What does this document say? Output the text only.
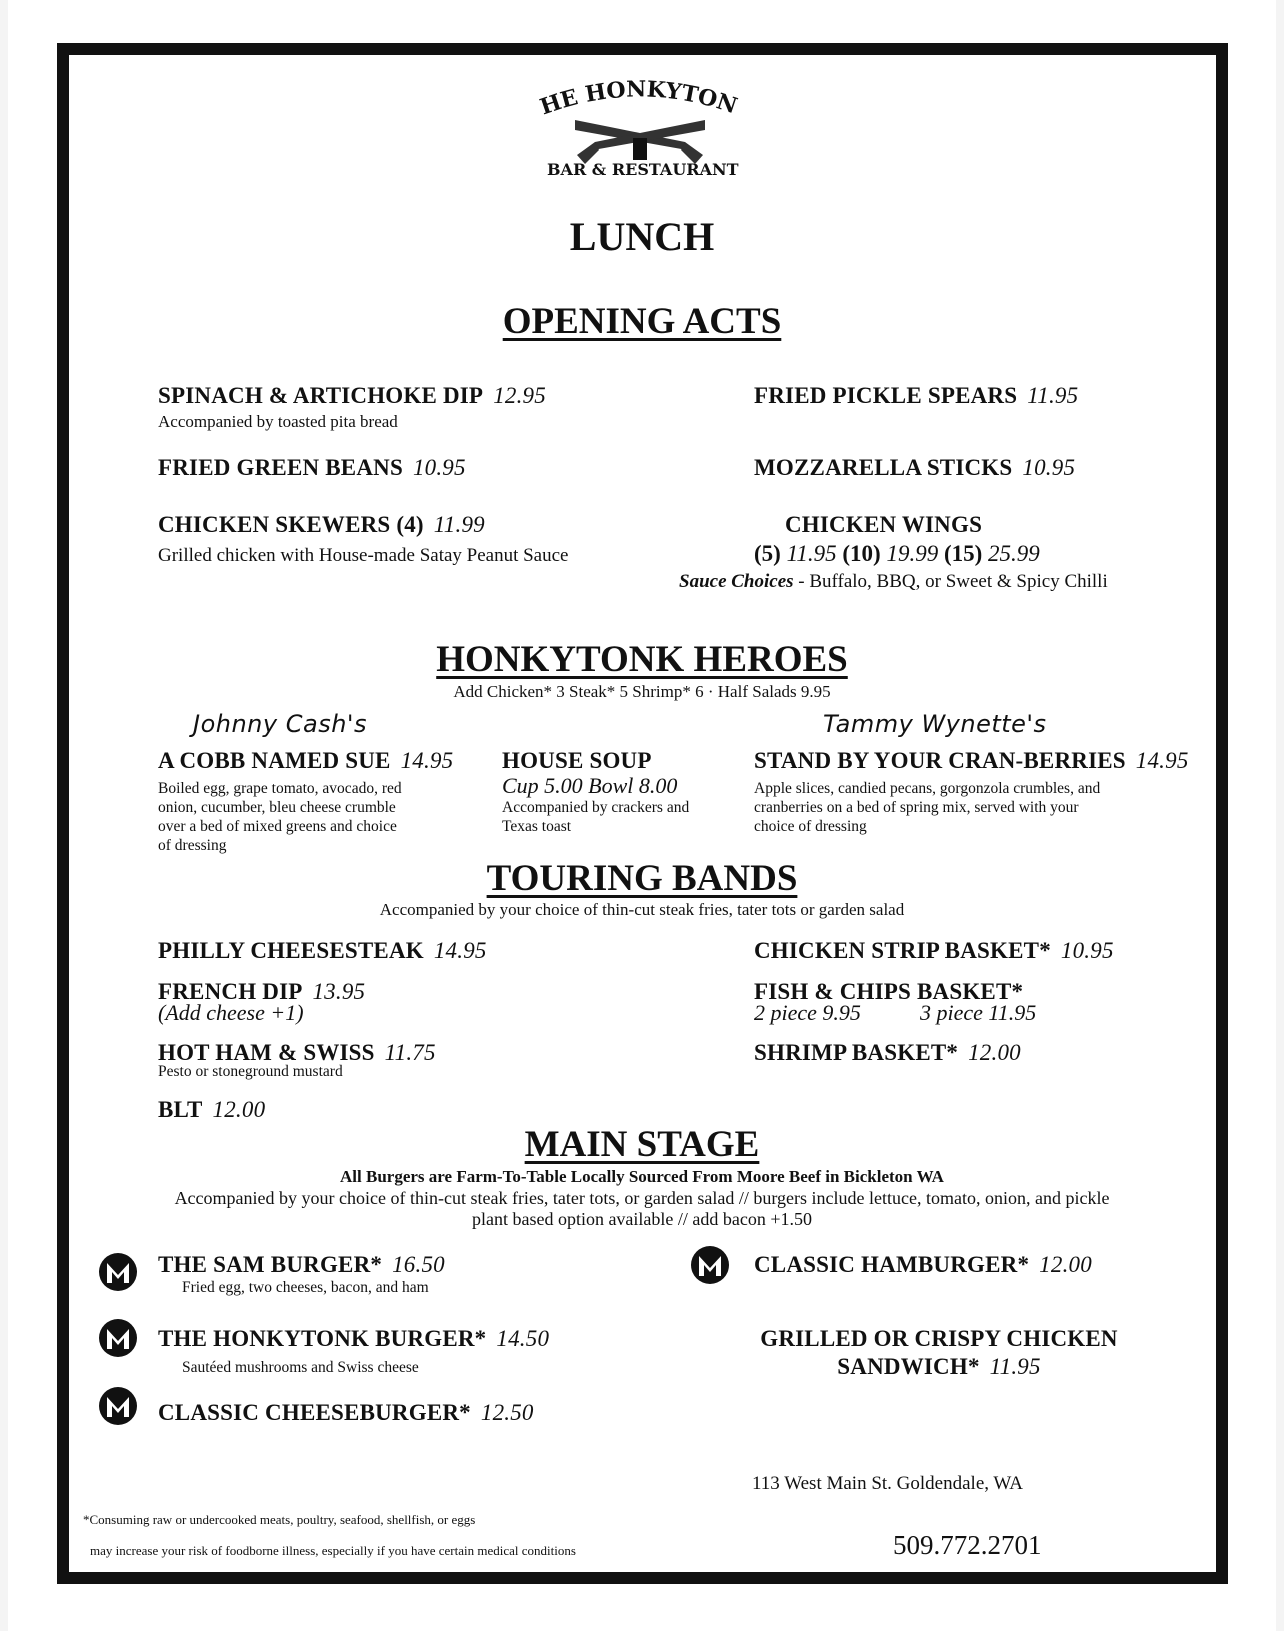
HE HONKYTON
BAR & RESTAURANT
LUNCH
OPENING ACTS
SPINACH & ARTICHOKE DIP 12.95
Accompanied by toasted pita bread
FRIED PICKLE SPEARS 11.95
FRIED GREEN BEANS 10.95	MOZZARELLA STICKS 10.95
CHICKEN SKEWERS (4) 11.99
Grilled chicken with House-made Satay Peanut Sauce
CHICKEN WINGS
(5) 11.95 (10) 19.99 (15) 25.99
Sauce Choices - Buffalo, BBQ, or Sweet & Spicy Chilli
HONKYTONK HEROES
Add Chicken* 3 Steak* 5 Shrimp* 6 · Half Salads 9.95
Johnny Cash's	Tammy Wynette's
A COBB NAMED SUE 14.95
Boiled egg, grape tomato, avocado, red onion, cucumber, bleu cheese crumble over a bed of mixed greens and choice of dressing
HOUSE SOUP
Cup 5.00 Bowl 8.00
Accompanied by crackers and Texas toast
STAND BY YOUR CRAN-BERRIES 14.95
Apple slices, candied pecans, gorgonzola crumbles, and cranberries on a bed of spring mix, served with your choice of dressing
TOURING BANDS
Accompanied by your choice of thin-cut steak fries, tater tots or garden salad
PHILLY CHEESESTEAK 14.95	CHICKEN STRIP BASKET* 10.95
FRENCH DIP 13.95
(Add cheese +1)
FISH & CHIPS BASKET*
2 piece 9.95	3 piece 11.95
HOT HAM & SWISS 11.75
Pesto or stoneground mustard
SHRIMP BASKET* 12.00
BLT 12.00
MAIN STAGE
All Burgers are Farm-To-Table Locally Sourced From Moore Beef in Bickleton WA
Accompanied by your choice of thin-cut steak fries, tater tots, or garden salad // burgers include lettuce, tomato, onion, and pickle
plant based option available // add bacon +1.50
THE SAM BURGER* 16.50
Fried egg, two cheeses, bacon, and ham
CLASSIC HAMBURGER* 12.00
THE HONKYTONK BURGER* 14.50
Sautéed mushrooms and Swiss cheese
GRILLED OR CRISPY CHICKEN
SANDWICH* 11.95
CLASSIC CHEESEBURGER* 12.50
113 West Main St. Goldendale, WA
509.772.2701
*Consuming raw or undercooked meats, poultry, seafood, shellfish, or eggs
may increase your risk of foodborne illness, especially if you have certain medical conditions
